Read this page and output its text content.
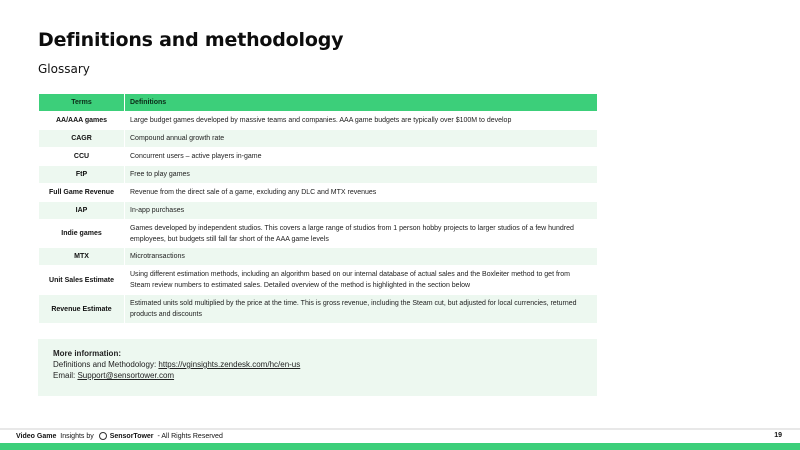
Definitions and methodology
Glossary
Terms	Definitions
AA/AAA games	Large budget games developed by massive teams and companies. AAA game budgets are typically over $100M to develop
CAGR	Compound annual growth rate
CCU	Concurrent users – active players in-game
FtP	Free to play games
Full Game Revenue	Revenue from the direct sale of a game, excluding any DLC and MTX revenues
IAP	In-app purchases
Indie games	Games developed by independent studios. This covers a large range of studios from 1 person hobby projects to larger studios of a few hundred employees, but budgets still fall far short of the AAA game levels
MTX	Microtransactions
Unit Sales Estimate	Using different estimation methods, including an algorithm based on our internal database of actual sales and the Boxleiter method to get from Steam review numbers to estimated sales. Detailed overview of the method is highlighted in the section below
Revenue Estimate	Estimated units sold multiplied by the price at the time. This is gross revenue, including the Steam cut, but adjusted for local currencies, returned products and discounts
More information:
Definitions and Methodology: https://vginsights.zendesk.com/hc/en-us
Email: Support@sensortower.com
Video Game Insights by SensorTower - All Rights Reserved	19
